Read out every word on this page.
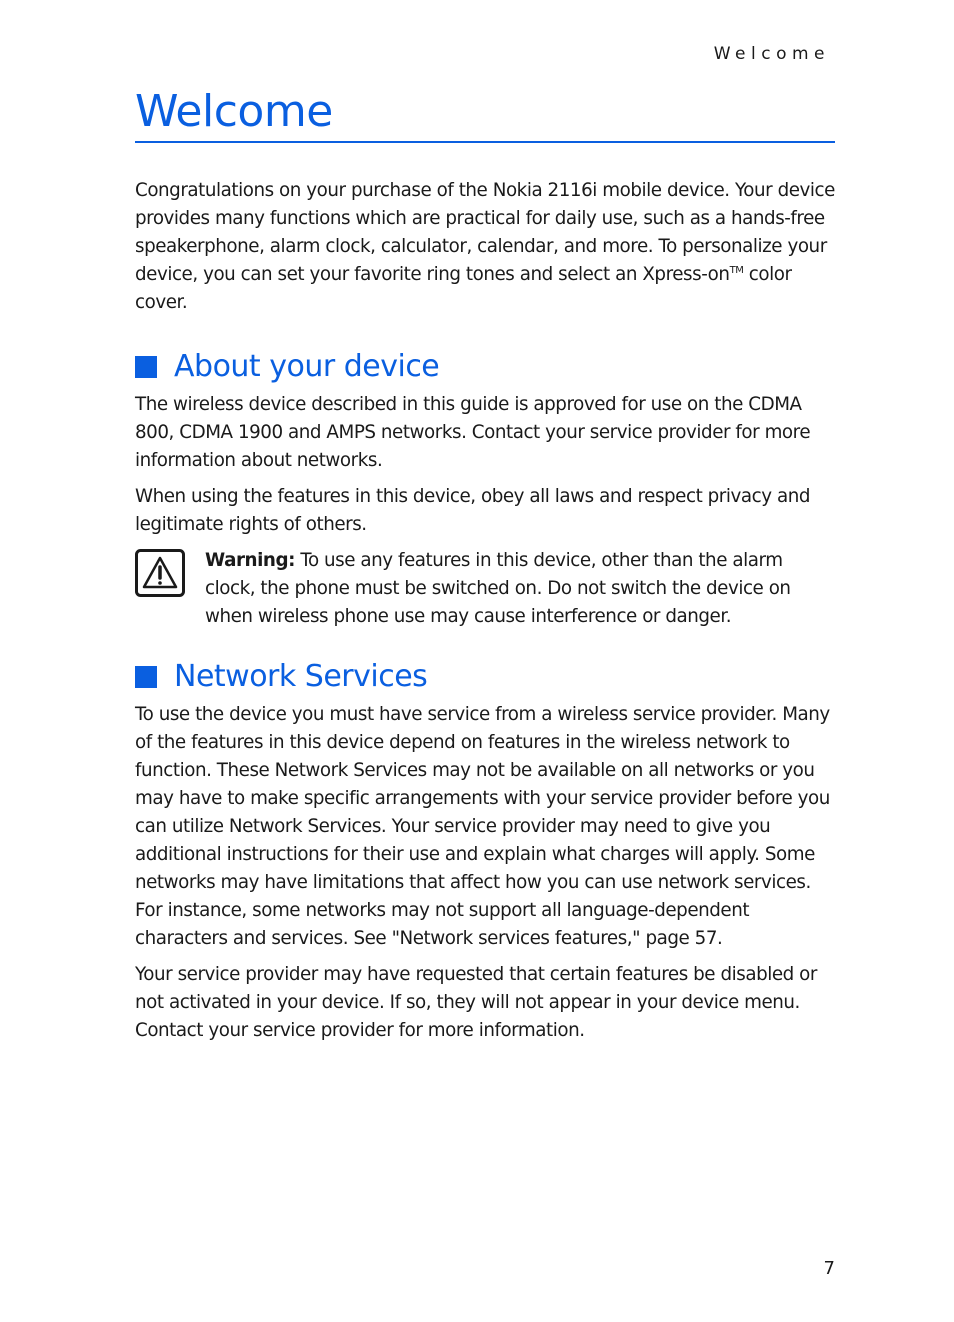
Welcome
Welcome

Congratulations on your purchase of the Nokia 2116i mobile device. Your device provides many functions which are practical for daily use, such as a hands-free speakerphone, alarm clock, calculator, calendar, and more. To personalize your device, you can set your favorite ring tones and select an Xpress-on™ color cover.

About your device

The wireless device described in this guide is approved for use on the CDMA 800, CDMA 1900 and AMPS networks. Contact your service provider for more information about networks.

When using the features in this device, obey all laws and respect privacy and legitimate rights of others.

Warning: To use any features in this device, other than the alarm clock, the phone must be switched on. Do not switch the device on when wireless phone use may cause interference or danger.

Network Services

To use the device you must have service from a wireless service provider. Many of the features in this device depend on features in the wireless network to function. These Network Services may not be available on all networks or you may have to make specific arrangements with your service provider before you can utilize Network Services. Your service provider may need to give you additional instructions for their use and explain what charges will apply. Some networks may have limitations that affect how you can use network services. For instance, some networks may not support all language-dependent characters and services. See "Network services features," page 57.

Your service provider may have requested that certain features be disabled or not activated in your device. If so, they will not appear in your device menu. Contact your service provider for more information.

7
